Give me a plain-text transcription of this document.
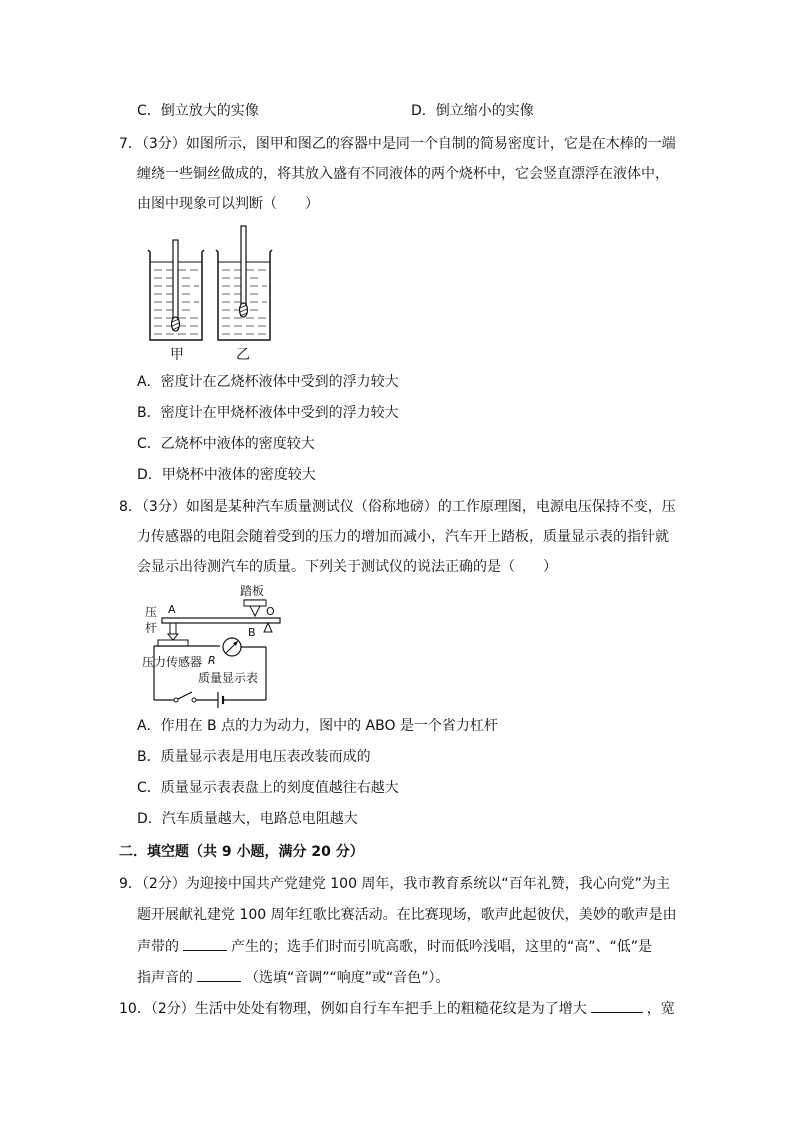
C．倒立放大的实像	D．倒立缩小的实像
7．（3分）如图所示，图甲和图乙的容器中是同一个自制的简易密度计，它是在木棒的一端
缠绕一些铜丝做成的，将其放入盛有不同液体的两个烧杯中，它会竖直漂浮在液体中，
由图中现象可以判断（　　）
甲	乙
A．密度计在乙烧杯液体中受到的浮力较大
B．密度计在甲烧杯液体中受到的浮力较大
C．乙烧杯中液体的密度较大
D．甲烧杯中液体的密度较大
8．（3分）如图是某种汽车质量测试仪（俗称地磅）的工作原理图，电源电压保持不变，压
力传感器的电阻会随着受到的压力的增加而减小，汽车开上踏板，质量显示表的指针就
会显示出待测汽车的质量。下列关于测试仪的说法正确的是（　　）
踏板
A	O
B
压
杆
压力传感器 R
质量显示表
A．作用在 B 点的力为动力，图中的 ABO 是一个省力杠杆
B．质量显示表是用电压表改装而成的
C．质量显示表表盘上的刻度值越往右越大
D．汽车质量越大，电路总电阻越大
二．填空题（共 9 小题，满分 20 分）
9．（2分）为迎接中国共产党建党 100 周年，我市教育系统以“百年礼赞，我心向党”为主
题开展献礼建党 100 周年红歌比赛活动。在比赛现场，歌声此起彼伏，美妙的歌声是由
声带的	产生的；选手们时而引吭高歌，时而低吟浅唱，这里的“高”、“低”是
指声音的	（选填“音调”“响度”或“音色”）。
10．（2分）生活中处处有物理，例如自行车车把手上的粗糙花纹是为了增大	，宽
